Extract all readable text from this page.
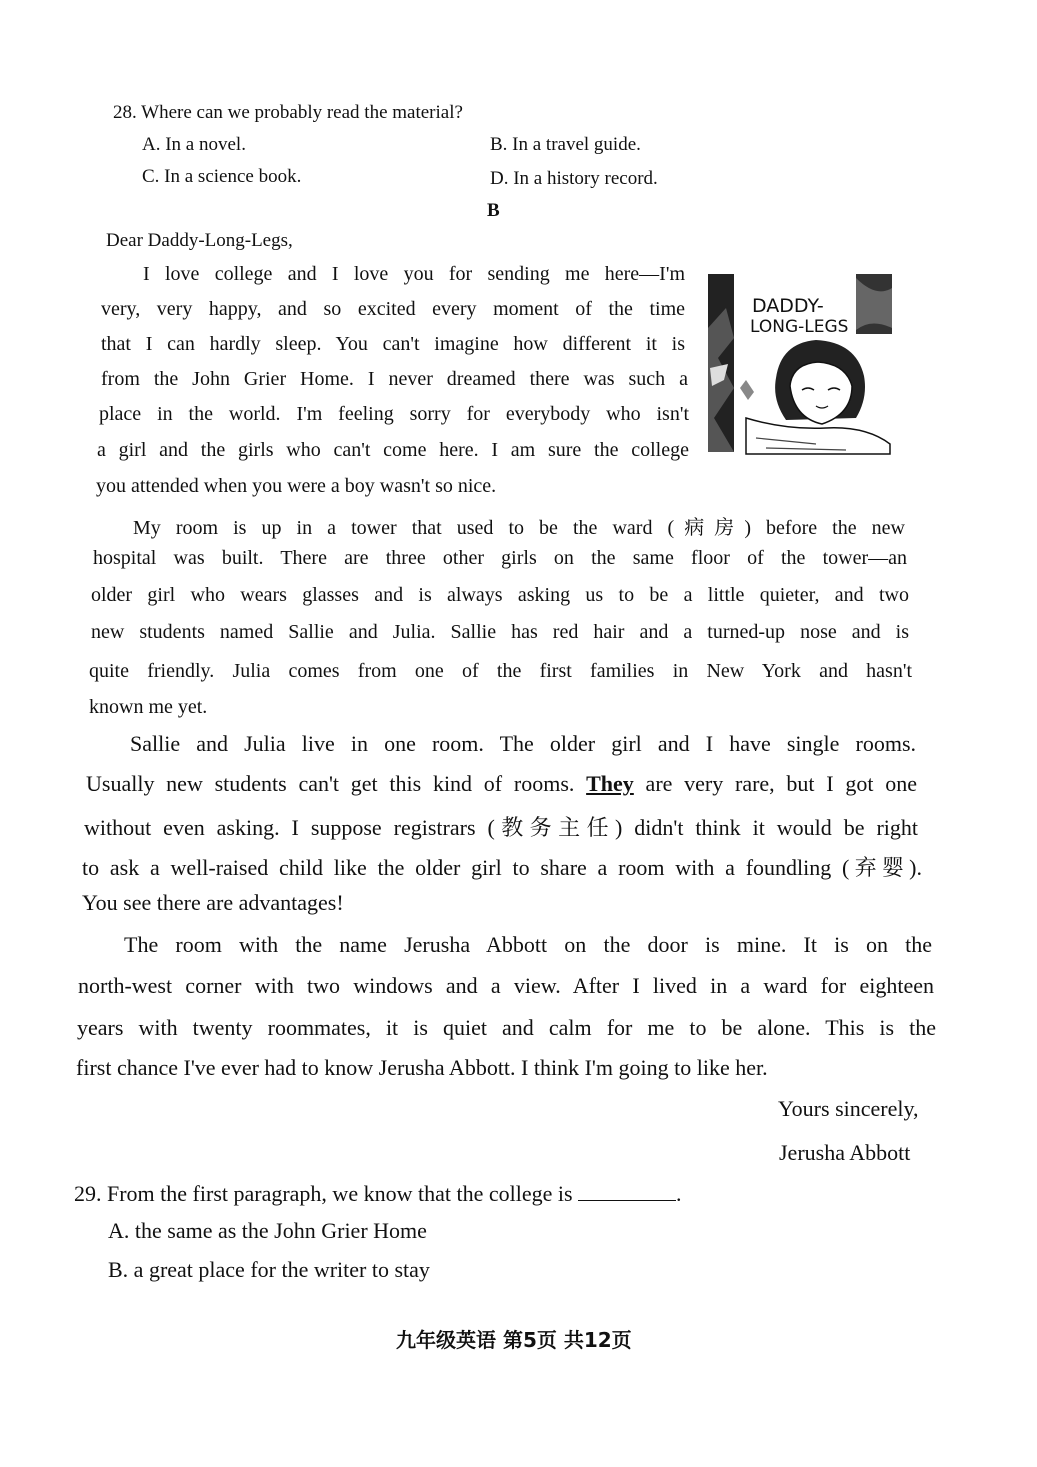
28. Where can we probably read the material?
A. In a novel.	B. In a travel guide.
C. In a science book.	D. In a history record.
B
Dear Daddy-Long-Legs,
I love college and I love you for sending me here—I'm
very, very happy, and so excited every moment of the time
that I can hardly sleep. You can't imagine how different it is
from the John Grier Home. I never dreamed there was such a
place in the world. I'm feeling sorry for everybody who isn't
a girl and the girls who can't come here. I am sure the college
you attended when you were a boy wasn't so nice.
DADDY-
LONG-LEGS
My room is up in a tower that used to be the ward (病房) before the new
hospital was built. There are three other girls on the same floor of the tower—an
older girl who wears glasses and is always asking us to be a little quieter, and two
new students named Sallie and Julia. Sallie has red hair and a turned-up nose and is
quite friendly. Julia comes from one of the first families in New York and hasn't
known me yet.
Sallie and Julia live in one room. The older girl and I have single rooms.
Usually new students can't get this kind of rooms. They are very rare, but I got one
without even asking. I suppose registrars (教务主任) didn't think it would be right
to ask a well-raised child like the older girl to share a room with a foundling (弃婴).
You see there are advantages!
The room with the name Jerusha Abbott on the door is mine. It is on the
north-west corner with two windows and a view. After I lived in a ward for eighteen
years with twenty roommates, it is quiet and calm for me to be alone. This is the
first chance I've ever had to know Jerusha Abbott. I think I'm going to like her.
Yours sincerely,
Jerusha Abbott
29. From the first paragraph, we know that the college is	.
A. the same as the John Grier Home
B. a great place for the writer to stay
九年级英语 第5页 共12页
